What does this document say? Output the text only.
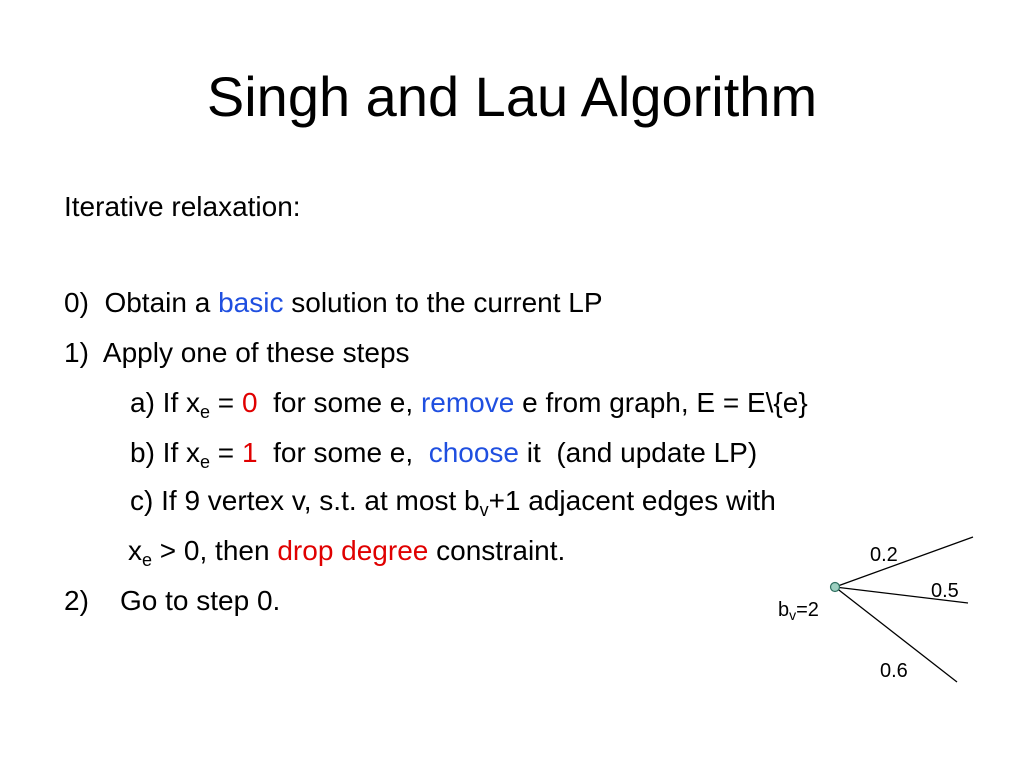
Singh and Lau Algorithm
Iterative relaxation:
0)  Obtain a basic solution to the current LP
1)  Apply one of these steps
a) If $x_e = 0$  for some e, remove e from graph, E = E\{e}
b) If $x_e = 1$  for some e,  choose it  (and update LP)
c) If 9 vertex v, s.t. at most $b_v+1$ adjacent edges with
$x_e > 0$, then drop degree constraint.
2)    Go to step 0.
0.2
0.5
0.6
$b_v=2$
